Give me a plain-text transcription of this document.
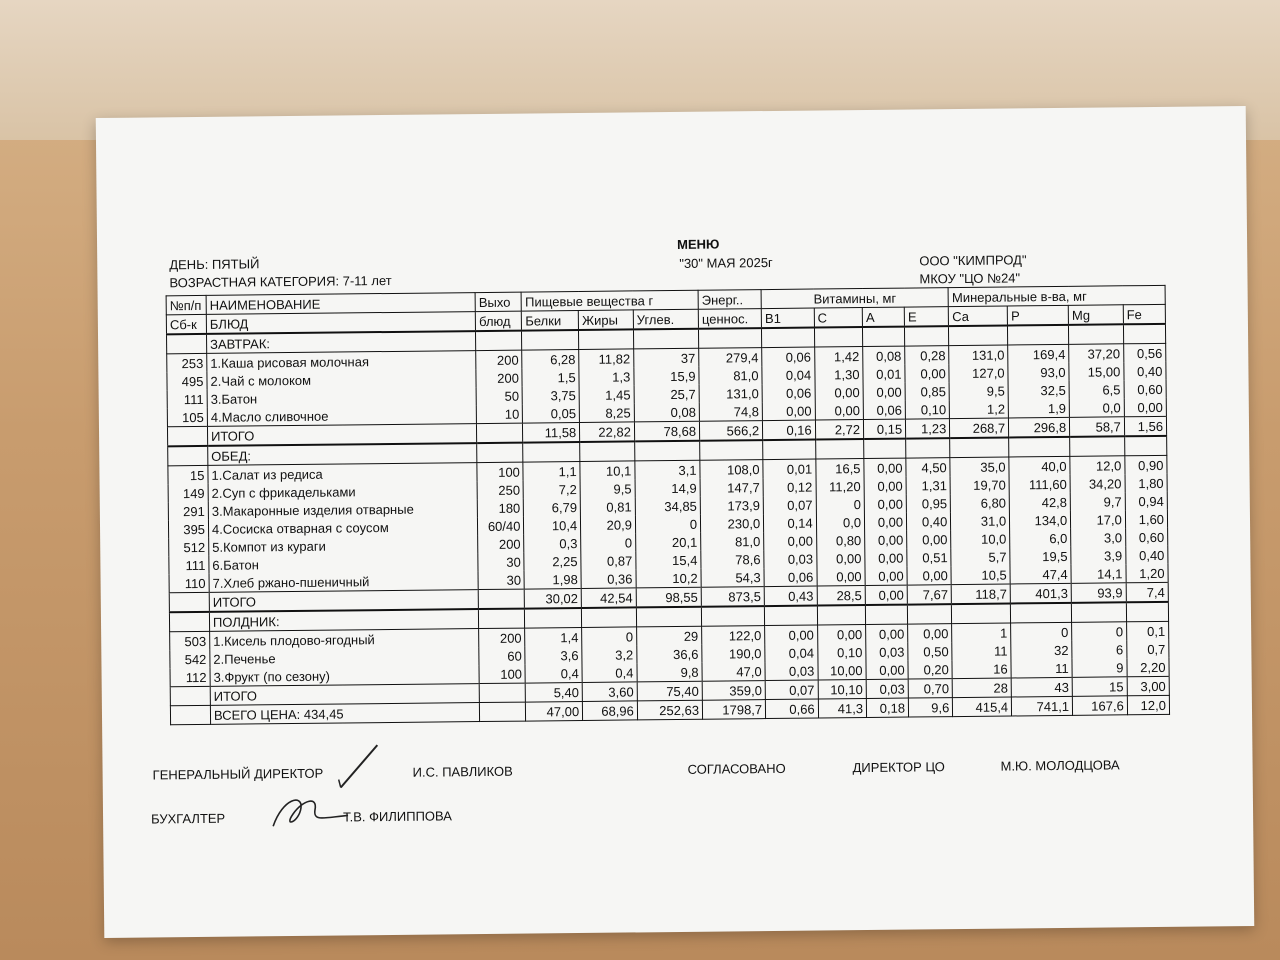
МЕНЮ
"30" МАЯ 2025г
ДЕНЬ: ПЯТЫЙ
ВОЗРАСТНАЯ КАТЕГОРИЯ: 7-11 лет
ООО "КИМПРОД"
МКОУ "ЦО №24"
№п/п	НАИМЕНОВАНИЕ	Выхо	Пищевые вещества г			Энерг..	Витамины, мг				Минеральные в-ва, мг			
Сб-к	БЛЮД	блюд	Белки	Жиры	Углев.	ценнос.	В1	С	А	Е	Са	Р	Mg	Fe
	ЗАВТРАК:													
253	1.Каша рисовая молочная	200	6,28	11,82	37	279,4	0,06	1,42	0,08	0,28	131,0	169,4	37,20	0,56
495	2.Чай с молоком	200	1,5	1,3	15,9	81,0	0,04	1,30	0,01	0,00	127,0	93,0	15,00	0,40
111	3.Батон	50	3,75	1,45	25,7	131,0	0,06	0,00	0,00	0,85	9,5	32,5	6,5	0,60
105	4.Масло сливочное	10	0,05	8,25	0,08	74,8	0,00	0,00	0,06	0,10	1,2	1,9	0,0	0,00
	ИТОГО		11,58	22,82	78,68	566,2	0,16	2,72	0,15	1,23	268,7	296,8	58,7	1,56
	ОБЕД:													
15	1.Салат из редиса	100	1,1	10,1	3,1	108,0	0,01	16,5	0,00	4,50	35,0	40,0	12,0	0,90
149	2.Суп с фрикадельками	250	7,2	9,5	14,9	147,7	0,12	11,20	0,00	1,31	19,70	111,60	34,20	1,80
291	3.Макаронные изделия отварные	180	6,79	0,81	34,85	173,9	0,07	0	0,00	0,95	6,80	42,8	9,7	0,94
395	4.Сосиска отварная с соусом	60/40	10,4	20,9	0	230,0	0,14	0,0	0,00	0,40	31,0	134,0	17,0	1,60
512	5.Компот из кураги	200	0,3	0	20,1	81,0	0,00	0,80	0,00	0,00	10,0	6,0	3,0	0,60
111	6.Батон	30	2,25	0,87	15,4	78,6	0,03	0,00	0,00	0,51	5,7	19,5	3,9	0,40
110	7.Хлеб ржано-пшеничный	30	1,98	0,36	10,2	54,3	0,06	0,00	0,00	0,00	10,5	47,4	14,1	1,20
	ИТОГО		30,02	42,54	98,55	873,5	0,43	28,5	0,00	7,67	118,7	401,3	93,9	7,4
	ПОЛДНИК:													
503	1.Кисель плодово-ягодный	200	1,4	0	29	122,0	0,00	0,00	0,00	0,00	1	0	0	0,1
542	2.Печенье	60	3,6	3,2	36,6	190,0	0,04	0,10	0,03	0,50	11	32	6	0,7
112	3.Фрукт (по сезону)	100	0,4	0,4	9,8	47,0	0,03	10,00	0,00	0,20	16	11	9	2,20
	ИТОГО		5,40	3,60	75,40	359,0	0,07	10,10	0,03	0,70	28	43	15	3,00
	ВСЕГО ЦЕНА: 434,45		47,00	68,96	252,63	1798,7	0,66	41,3	0,18	9,6	415,4	741,1	167,6	12,0
ГЕНЕРАЛЬНЫЙ ДИРЕКТОР	И.С. ПАВЛИКОВ	СОГЛАСОВАНО	ДИРЕКТОР ЦО	М.Ю. МОЛОДЦОВА
БУХГАЛТЕР	Т.В. ФИЛИППОВА
